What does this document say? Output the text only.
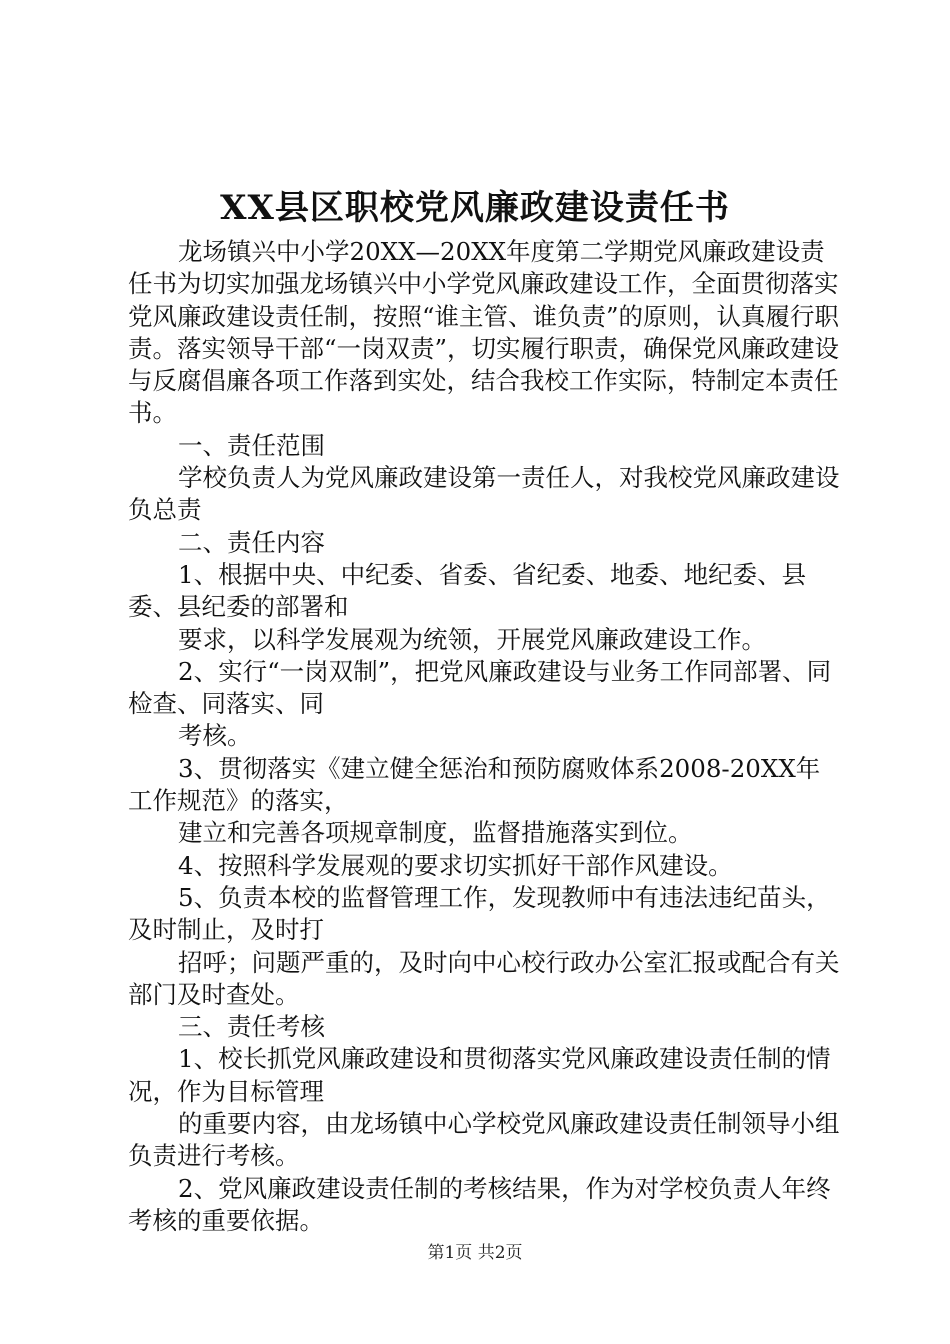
XX县区职校党风廉政建设责任书

龙场镇兴中小学20XX—20XX年度第二学期党风廉政建设责任书为切实加强龙场镇兴中小学党风廉政建设工作，全面贯彻落实党风廉政建设责任制，按照“谁主管、谁负责”的原则，认真履行职责。落实领导干部“一岗双责”，切实履行职责，确保党风廉政建设与反腐倡廉各项工作落到实处，结合我校工作实际，特制定本责任书。

一、责任范围

学校负责人为党风廉政建设第一责任人，对我校党风廉政建设负总责

二、责任内容

1、根据中央、中纪委、省委、省纪委、地委、地纪委、县委、县纪委的部署和

要求，以科学发展观为统领，开展党风廉政建设工作。

2、实行“一岗双制”，把党风廉政建设与业务工作同部署、同检查、同落实、同

考核。

3、贯彻落实《建立健全惩治和预防腐败体系2008-20XX年工作规范》的落实，

建立和完善各项规章制度，监督措施落实到位。

4、按照科学发展观的要求切实抓好干部作风建设。

5、负责本校的监督管理工作，发现教师中有违法违纪苗头，及时制止，及时打

招呼；问题严重的，及时向中心校行政办公室汇报或配合有关部门及时查处。

三、责任考核

1、校长抓党风廉政建设和贯彻落实党风廉政建设责任制的情况，作为目标管理

的重要内容，由龙场镇中心学校党风廉政建设责任制领导小组负责进行考核。

2、党风廉政建设责任制的考核结果，作为对学校负责人年终考核的重要依据。

第1页 共2页
